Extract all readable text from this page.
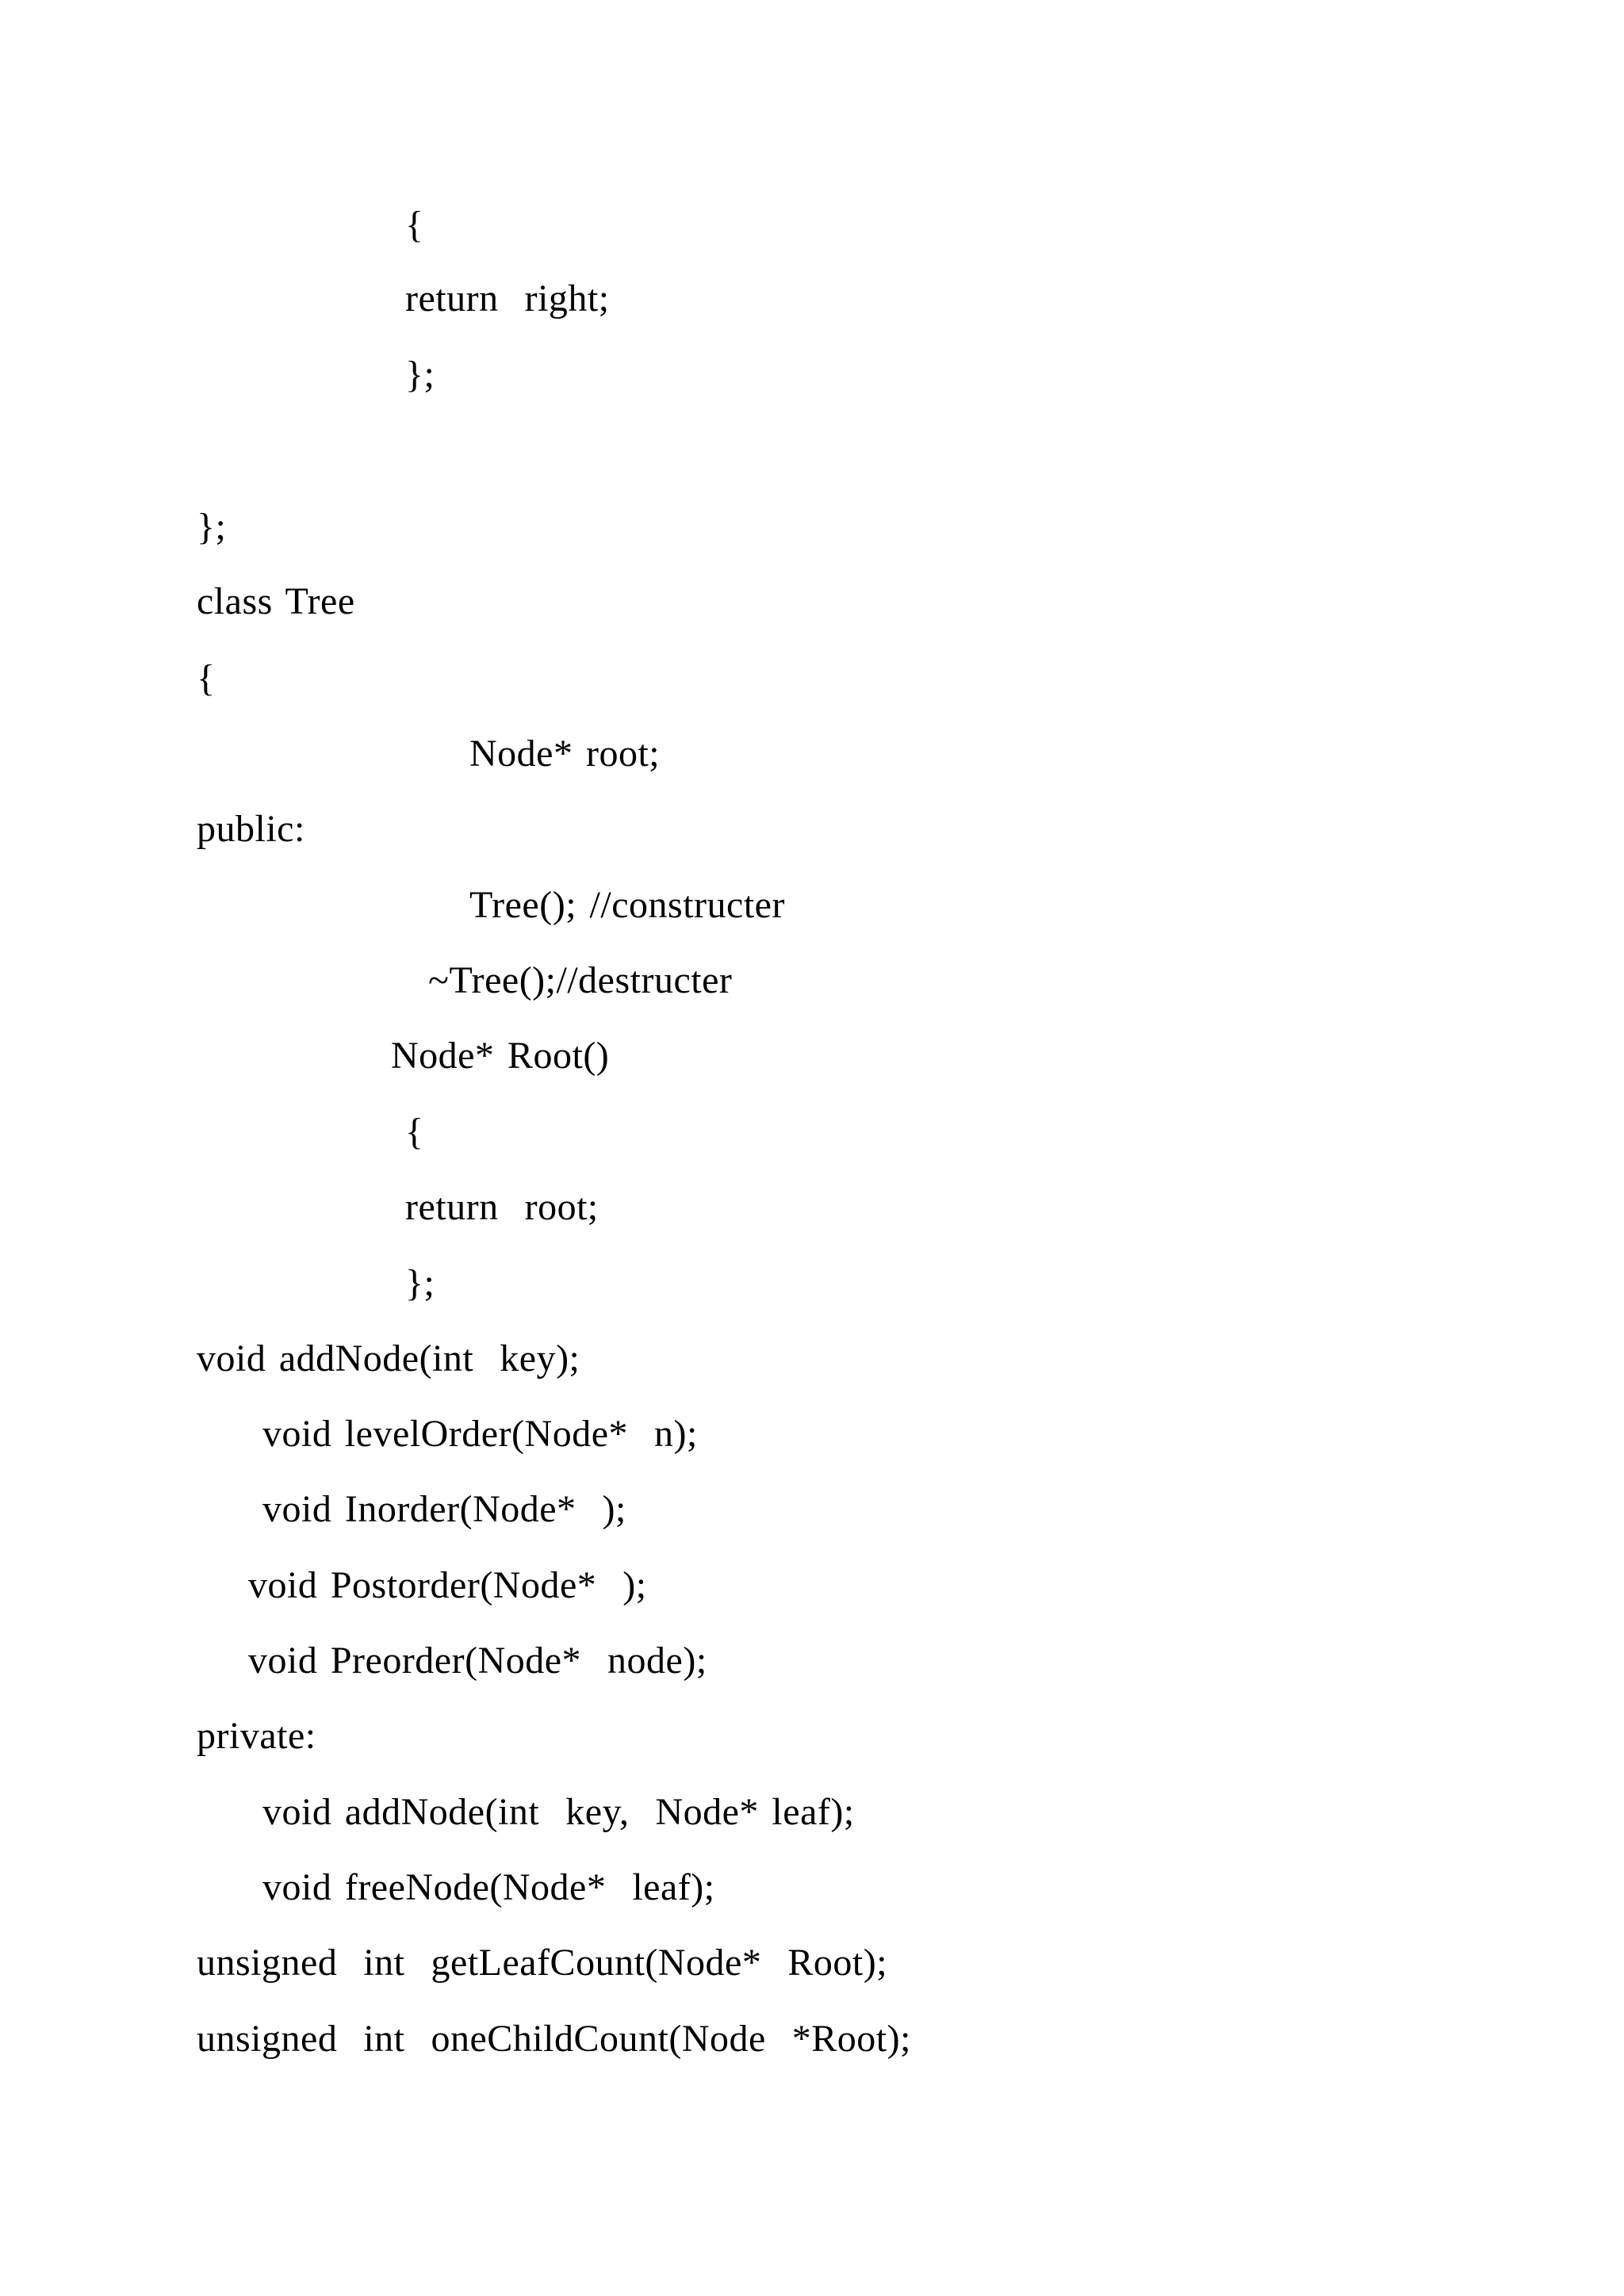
{
return  right;
};
};
class Tree
{
Node* root;
public:
Tree(); //constructer
~Tree();//destructer
Node* Root()
{
return  root;
};
void addNode(int  key);
void levelOrder(Node*  n);
void Inorder(Node*  );
void Postorder(Node*  );
void Preorder(Node*  node);
private:
void addNode(int  key,  Node* leaf);
void freeNode(Node*  leaf);
unsigned  int  getLeafCount(Node*  Root);
unsigned  int  oneChildCount(Node  *Root);
